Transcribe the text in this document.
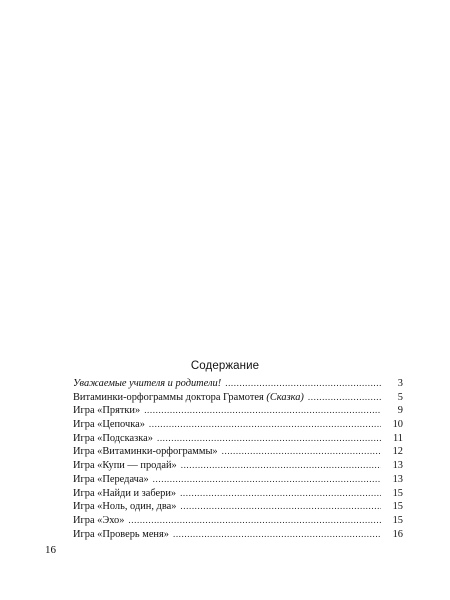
Содержание
Уважаемые учителя и родители! .....	3
Витаминки-орфограммы доктора Грамотея (Сказка) .....	5
Игра «Прятки» .....	9
Игра «Цепочка» .....	10
Игра «Подсказка» .....	11
Игра «Витаминки-орфограммы» .....	12
Игра «Купи — продай» .....	13
Игра «Передача» .....	13
Игра «Найди и забери» .....	15
Игра «Ноль, один, два» .....	15
Игра «Эхо» .....	15
Игра «Проверь меня» .....	16
16
